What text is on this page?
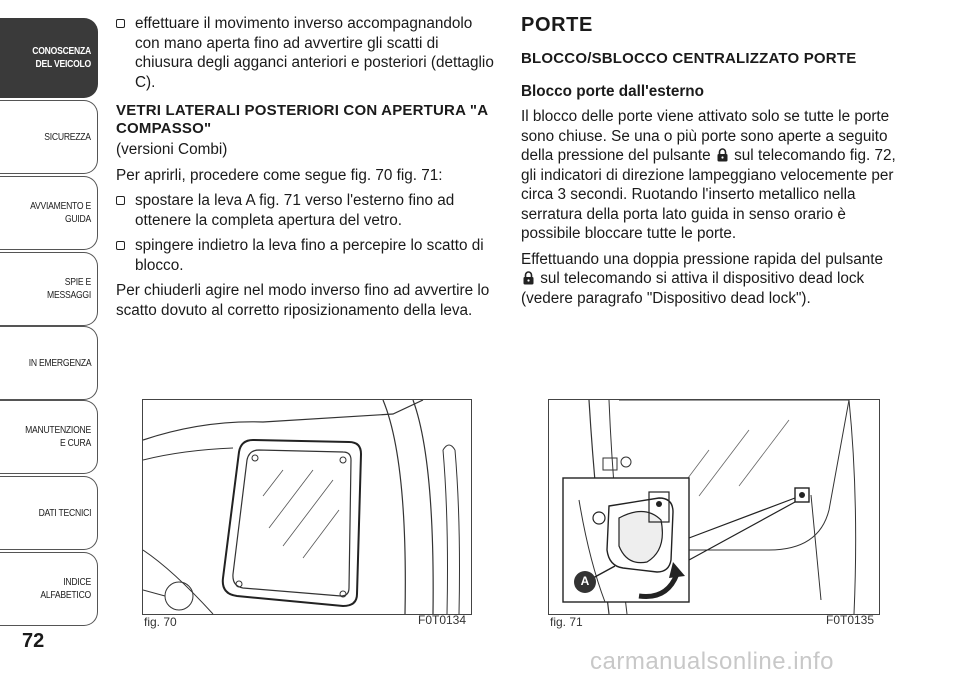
CONOSCENZA DEL VEICOLO
SICUREZZA
AVVIAMENTO E GUIDA
SPIE E MESSAGGI
IN EMERGENZA
MANUTENZIONE E CURA
DATI TECNICI
INDICE ALFABETICO
72
effettuare il movimento inverso accompagnandolo con mano aperta fino ad avvertire gli scatti di chiusura degli agganci anteriori e posteriori (dettaglio C).
VETRI LATERALI POSTERIORI CON APERTURA "A COMPASSO"

(versioni Combi)

Per aprirli, procedere come segue fig. 70 fig. 71:

spostare la leva A fig. 71 verso l'esterno fino ad ottenere la completa apertura del vetro.
spingere indietro la leva fino a percepire lo scatto di blocco.

Per chiuderli agire nel modo inverso fino ad avvertire lo scatto dovuto al corretto riposizionamento della leva.

PORTE
BLOCCO/SBLOCCO CENTRALIZZATO PORTE
Blocco porte dall'esterno

Il blocco delle porte viene attivato solo se tutte le porte sono chiuse. Se una o più porte sono aperte a seguito della pressione del pulsante sul telecomando fig. 72, gli indicatori di direzione lampeggiano velocemente per circa 3 secondi. Ruotando l'inserto metallico nella serratura della porta lato guida in senso orario è possibile bloccare tutte le porte.

Effettuando una doppia pressione rapida del pulsante
sul telecomando si attiva il dispositivo dead lock (vedere paragrafo "Dispositivo dead lock").

fig. 70	F0T0134
A
fig. 71	F0T0135
carmanualsonline.info
